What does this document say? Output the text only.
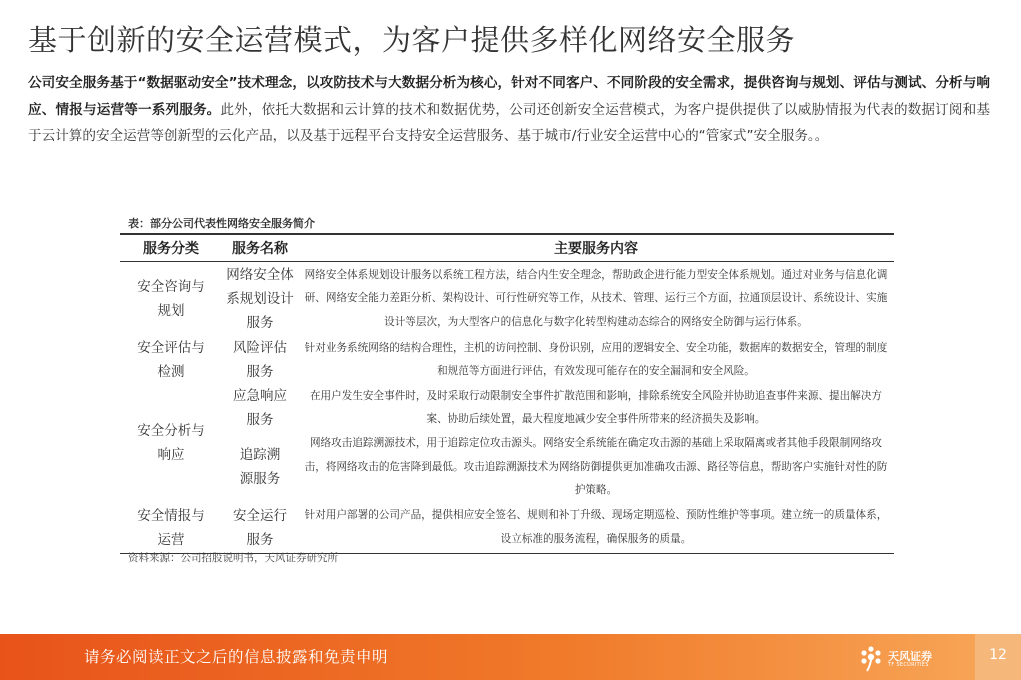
基于创新的安全运营模式，为客户提供多样化网络安全服务

公司安全服务基于“数据驱动安全”技术理念，以攻防技术与大数据分析为核心，针对不同客户、不同阶段的安全需求，提供咨询与规划、评估与测试、分析与响应、情报与运营等一系列服务。此外，依托大数据和云计算的技术和数据优势，公司还创新安全运营模式，为客户提供提供了以威胁情报为代表的数据订阅和基于云计算的安全运营等创新型的云化产品，以及基于远程平台支持安全运营服务、基于城市/行业安全运营中心的“管家式”安全服务。。

表：部分公司代表性网络安全服务简介
服务分类	服务名称	主要服务内容

安全咨询与规划	网络安全体系规划设计服务	网络安全体系规划设计服务以系统工程方法，结合内生安全理念，帮助政企进行能力型安全体系规划。通过对业务与信息化调研、网络安全能力差距分析、架构设计、可行性研究等工作，从技术、管理、运行三个方面，拉通顶层设计、系统设计、实施设计等层次，为大型客户的信息化与数字化转型构建动态综合的网络安全防御与运行体系。

安全评估与检测	风险评估服务	针对业务系统网络的结构合理性，主机的访问控制、身份识别，应用的逻辑安全、安全功能，数据库的数据安全，管理的制度和规范等方面进行评估，有效发现可能存在的安全漏洞和安全风险。

安全分析与响应	应急响应服务	在用户发生安全事件时，及时采取行动限制安全事件扩散范围和影响，排除系统安全风险并协助追查事件来源、提出解决方案、协助后续处置，最大程度地减少安全事件所带来的经济损失及影响。

	追踪溯源服务	网络攻击追踪溯源技术，用于追踪定位攻击源头。网络安全系统能在确定攻击源的基础上采取隔离或者其他手段限制网络攻击，将网络攻击的危害降到最低。攻击追踪溯源技术为网络防御提供更加准确攻击源、路径等信息，帮助客户实施针对性的防护策略。

安全情报与运营	安全运行服务	针对用户部署的公司产品，提供相应安全签名、规则和补丁升级、现场定期巡检、预防性维护等事项。建立统一的质量体系，设立标准的服务流程，确保服务的质量。
资料来源：公司招股说明书，天风证券研究所
请务必阅读正文之后的信息披露和免责申明	天风证券
TF SECURITIES
12
